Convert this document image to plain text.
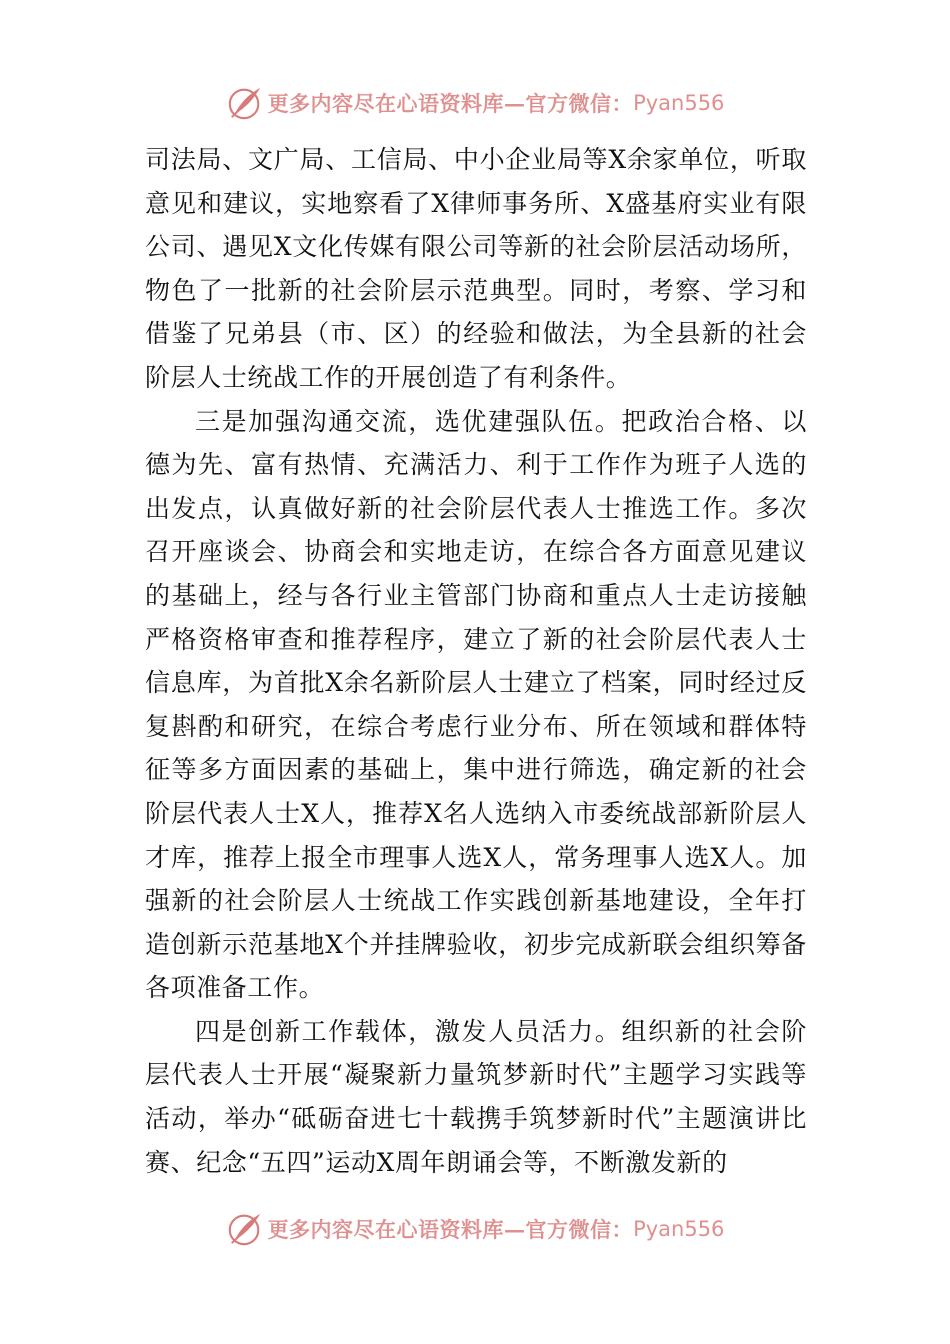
更多内容尽在心语资料库—官方微信： Pyan556

司法局、文广局、工信局、中小企业局等X余家单位，听取意见和建议，实地察看了X律师事务所、X盛基府实业有限公司、遇见X文化传媒有限公司等新的社会阶层活动场所，物色了一批新的社会阶层示范典型。同时，考察、学习和借鉴了兄弟县（市、区）的经验和做法，为全县新的社会阶层人士统战工作的开展创造了有利条件。

三是加强沟通交流，选优建强队伍。把政治合格、以德为先、富有热情、充满活力、利于工作作为班子人选的出发点，认真做好新的社会阶层代表人士推选工作。多次召开座谈会、协商会和实地走访，在综合各方面意见建议的基础上，经与各行业主管部门协商和重点人士走访接触严格资格审查和推荐程序，建立了新的社会阶层代表人士信息库，为首批X余名新阶层人士建立了档案，同时经过反复斟酌和研究，在综合考虑行业分布、所在领域和群体特征等多方面因素的基础上，集中进行筛选，确定新的社会阶层代表人士X人，推荐X名人选纳入市委统战部新阶层人才库，推荐上报全市理事人选X人，常务理事人选X人。加强新的社会阶层人士统战工作实践创新基地建设，全年打造创新示范基地X个并挂牌验收，初步完成新联会组织筹备各项准备工作。

四是创新工作载体，激发人员活力。组织新的社会阶层代表人士开展“凝聚新力量筑梦新时代”主题学习实践等活动，举办“砥砺奋进七十载携手筑梦新时代”主题演讲比赛、纪念“五四”运动X周年朗诵会等，不断激发新的

更多内容尽在心语资料库—官方微信： Pyan556
